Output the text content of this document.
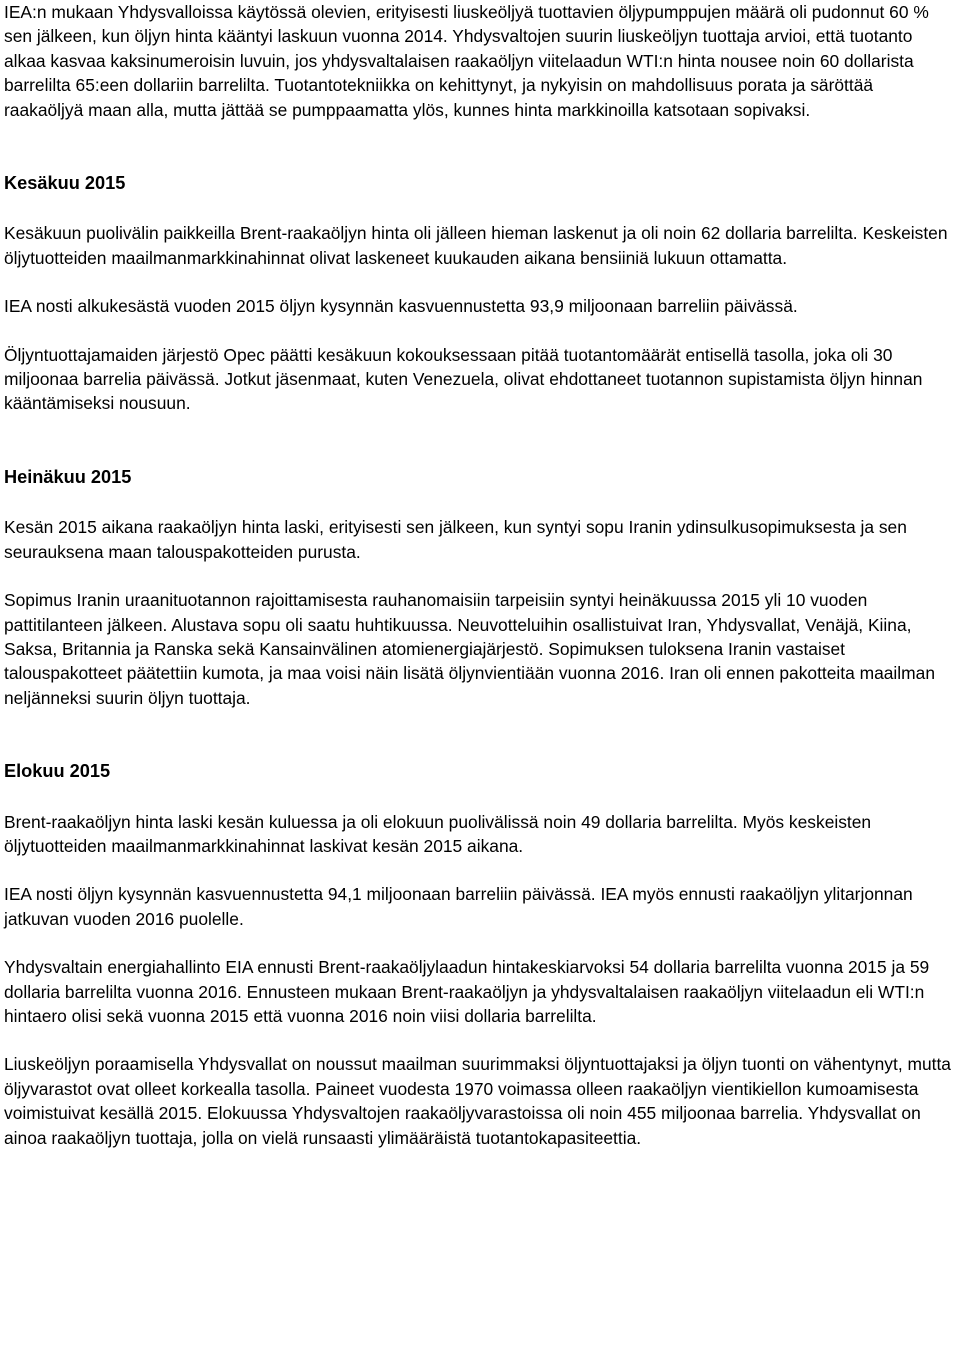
IEA:n mukaan Yhdysvalloissa käytössä olevien, erityisesti liuskeöljyä tuottavien öljypumppujen määrä oli pudonnut 60 % sen jälkeen, kun öljyn hinta kääntyi laskuun vuonna 2014. Yhdysvaltojen suurin liuskeöljyn tuottaja arvioi, että tuotanto alkaa kasvaa kaksinumeroisin luvuin, jos yhdysvaltalaisen raakaöljyn viitelaadun WTI:n hinta nousee noin 60 dollarista barrelilta 65:een dollariin barrelilta. Tuotantotekniikka on kehittynyt, ja nykyisin on mahdollisuus porata ja säröttää raakaöljyä maan alla, mutta jättää se pumppaamatta ylös, kunnes hinta markkinoilla katsotaan sopivaksi.

Kesäkuu 2015

Kesäkuun puolivälin paikkeilla Brent-raakaöljyn hinta oli jälleen hieman laskenut ja oli noin 62 dollaria barrelilta. Keskeisten öljytuotteiden maailmanmarkkinahinnat olivat laskeneet kuukauden aikana bensiiniä lukuun ottamatta.

IEA nosti alkukesästä vuoden 2015 öljyn kysynnän kasvuennustetta 93,9 miljoonaan barreliin päivässä.

Öljyntuottajamaiden järjestö Opec päätti kesäkuun kokouksessaan pitää tuotantomäärät entisellä tasolla, joka oli 30 miljoonaa barrelia päivässä. Jotkut jäsenmaat, kuten Venezuela, olivat ehdottaneet tuotannon supistamista öljyn hinnan kääntämiseksi nousuun.

Heinäkuu 2015

Kesän 2015 aikana raakaöljyn hinta laski, erityisesti sen jälkeen, kun syntyi sopu Iranin ydinsulkusopimuksesta ja sen seurauksena maan talouspakotteiden purusta.

Sopimus Iranin uraanituotannon rajoittamisesta rauhanomaisiin tarpeisiin syntyi heinäkuussa 2015 yli 10 vuoden pattitilanteen jälkeen. Alustava sopu oli saatu huhtikuussa. Neuvotteluihin osallistuivat Iran, Yhdysvallat, Venäjä, Kiina, Saksa, Britannia ja Ranska sekä Kansainvälinen atomienergiajärjestö. Sopimuksen tuloksena Iranin vastaiset talouspakotteet päätettiin kumota, ja maa voisi näin lisätä öljynvientiään vuonna 2016. Iran oli ennen pakotteita maailman neljänneksi suurin öljyn tuottaja.

Elokuu 2015

Brent-raakaöljyn hinta laski kesän kuluessa ja oli elokuun puolivälissä noin 49 dollaria barrelilta. Myös keskeisten öljytuotteiden maailmanmarkkinahinnat laskivat kesän 2015 aikana.

IEA nosti öljyn kysynnän kasvuennustetta 94,1 miljoonaan barreliin päivässä. IEA myös ennusti raakaöljyn ylitarjonnan jatkuvan vuoden 2016 puolelle.

Yhdysvaltain energiahallinto EIA ennusti Brent-raakaöljylaadun hintakeskiarvoksi 54 dollaria barrelilta vuonna 2015 ja 59 dollaria barrelilta vuonna 2016. Ennusteen mukaan Brent-raakaöljyn ja yhdysvaltalaisen raakaöljyn viitelaadun eli WTI:n hintaero olisi sekä vuonna 2015 että vuonna 2016 noin viisi dollaria barrelilta.

Liuskeöljyn poraamisella Yhdysvallat on noussut maailman suurimmaksi öljyntuottajaksi ja öljyn tuonti on vähentynyt, mutta öljyvarastot ovat olleet korkealla tasolla. Paineet vuodesta 1970 voimassa olleen raakaöljyn vientikiellon kumoamisesta voimistuivat kesällä 2015. Elokuussa Yhdysvaltojen raakaöljyvarastoissa oli noin 455 miljoonaa barrelia. Yhdysvallat on ainoa raakaöljyn tuottaja, jolla on vielä runsaasti ylimääräistä tuotantokapasiteettia.
